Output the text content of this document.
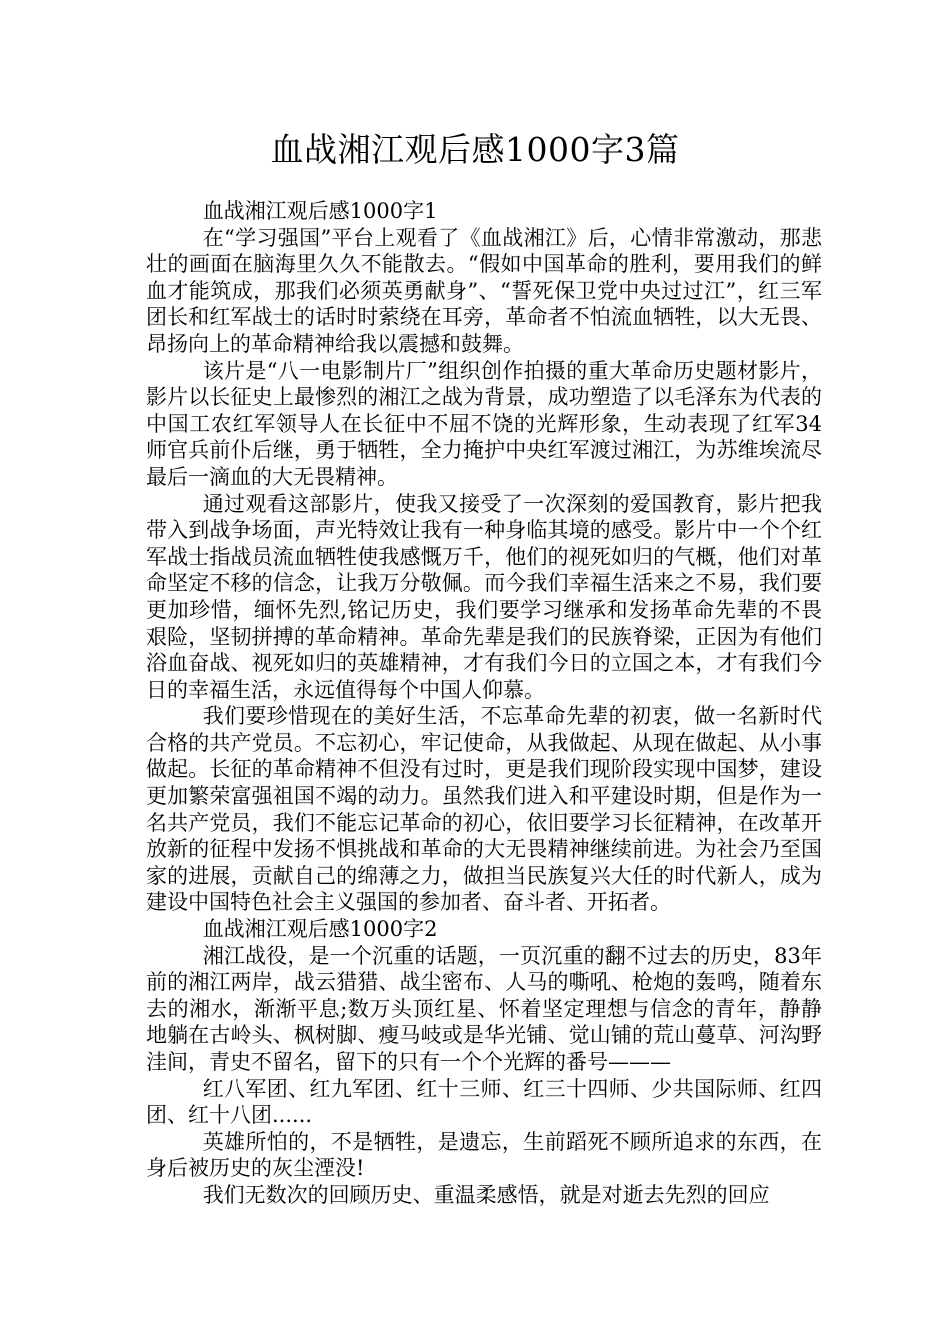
血战湘江观后感1000字3篇

血战湘江观后感1000字1

在“学习强国”平台上观看了《血战湘江》后，心情非常激动，那悲壮的画面在脑海里久久不能散去。“假如中国革命的胜利，要用我们的鲜血才能筑成，那我们必须英勇献身”、“誓死保卫党中央过过江”，红三军团长和红军战士的话时时萦绕在耳旁，革命者不怕流血牺牲，以大无畏、昂扬向上的革命精神给我以震撼和鼓舞。

该片是“八一电影制片厂”组织创作拍摄的重大革命历史题材影片，影片以长征史上最惨烈的湘江之战为背景，成功塑造了以毛泽东为代表的中国工农红军领导人在长征中不屈不饶的光辉形象，生动表现了红军34师官兵前仆后继，勇于牺牲，全力掩护中央红军渡过湘江，为苏维埃流尽最后一滴血的大无畏精神。

通过观看这部影片，使我又接受了一次深刻的爱国教育，影片把我带入到战争场面，声光特效让我有一种身临其境的感受。影片中一个个红军战士指战员流血牺牲使我感慨万千，他们的视死如归的气概，他们对革命坚定不移的信念，让我万分敬佩。而今我们幸福生活来之不易，我们要更加珍惜，缅怀先烈,铭记历史，我们要学习继承和发扬革命先辈的不畏艰险，坚韧拼搏的革命精神。革命先辈是我们的民族脊梁，正因为有他们浴血奋战、视死如归的英雄精神，才有我们今日的立国之本，才有我们今日的幸福生活，永远值得每个中国人仰慕。

我们要珍惜现在的美好生活，不忘革命先辈的初衷，做一名新时代合格的共产党员。不忘初心，牢记使命，从我做起、从现在做起、从小事做起。长征的革命精神不但没有过时，更是我们现阶段实现中国梦，建设更加繁荣富强祖国不竭的动力。虽然我们进入和平建设时期，但是作为一名共产党员，我们不能忘记革命的初心，依旧要学习长征精神，在改革开放新的征程中发扬不惧挑战和革命的大无畏精神继续前进。为社会乃至国家的进展，贡献自己的绵薄之力，做担当民族复兴大任的时代新人，成为建设中国特色社会主义强国的参加者、奋斗者、开拓者。

血战湘江观后感1000字2

湘江战役，是一个沉重的话题，一页沉重的翻不过去的历史，83年前的湘江两岸，战云猎猎、战尘密布、人马的嘶吼、枪炮的轰鸣，随着东去的湘水，渐渐平息;数万头顶红星、怀着坚定理想与信念的青年，静静地躺在古岭头、枫树脚、瘦马岐或是华光铺、觉山铺的荒山蔓草、河沟野洼间，青史不留名，留下的只有一个个光辉的番号———

红八军团、红九军团、红十三师、红三十四师、少共国际师、红四团、红十八团......

英雄所怕的，不是牺牲，是遗忘，生前蹈死不顾所追求的东西，在身后被历史的灰尘湮没!

我们无数次的回顾历史、重温柔感悟，就是对逝去先烈的回应
